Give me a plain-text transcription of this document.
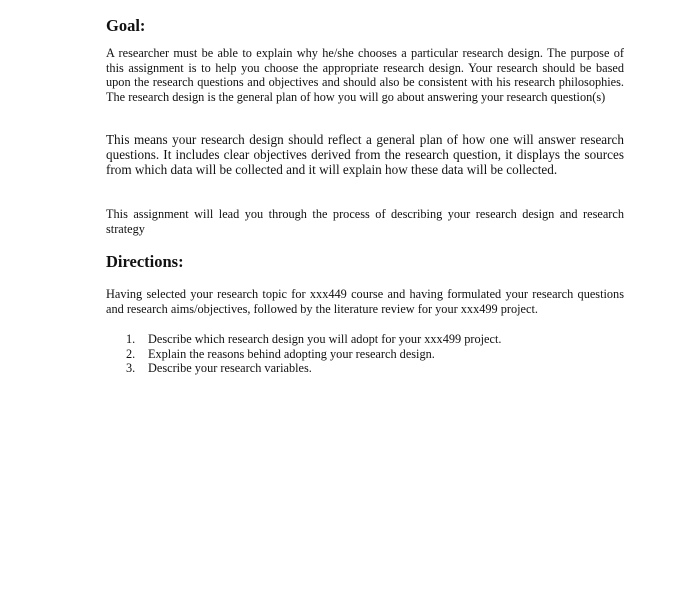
Goal:

A researcher must be able to explain why he/she chooses a particular research design. The purpose of this assignment is to help you choose the appropriate research design. Your research should be based upon the research questions and objectives and should also be consistent with his research philosophies. The research design is the general plan of how you will go about answering your research question(s)

This means your research design should reflect a general plan of how one will answer research questions. It includes clear objectives derived from the research question, it displays the sources from which data will be collected and it will explain how these data will be collected.

This assignment will lead you through the process of describing your research design and research strategy

Directions:

Having selected your research topic for xxx449 course and having formulated your research questions and research aims/objectives, followed by the literature review for your xxx499 project.

1.	Describe which research design you will adopt for your xxx499 project.
2.	Explain the reasons behind adopting your research design.
3.	Describe your research variables.
